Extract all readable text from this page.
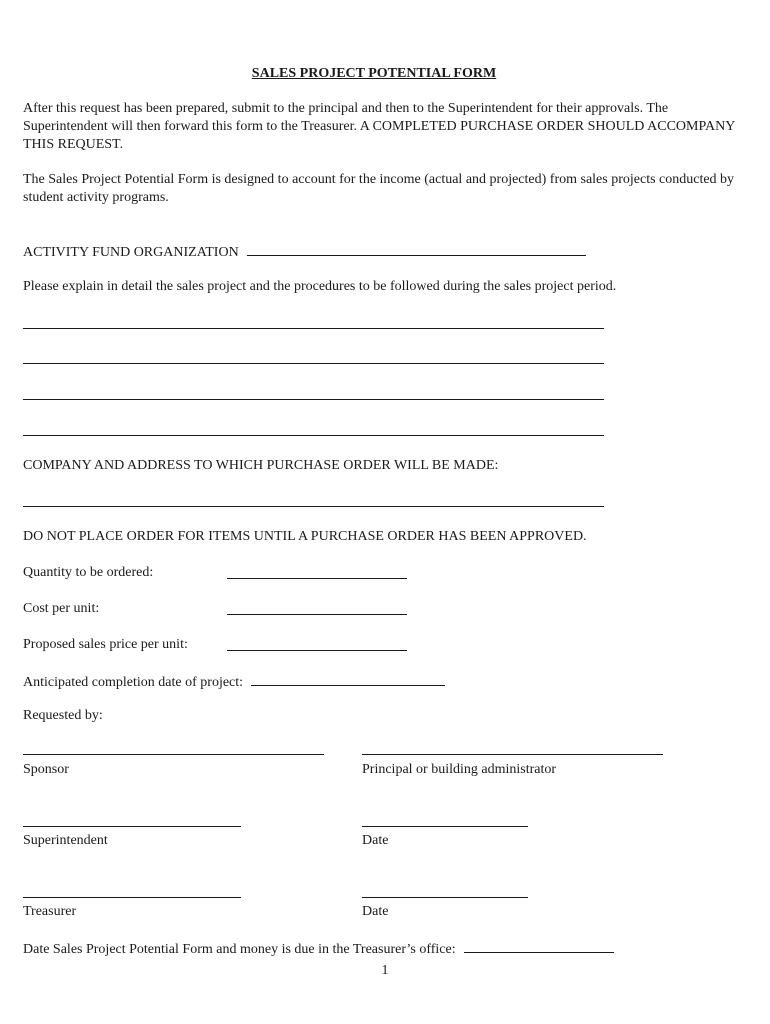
SALES PROJECT POTENTIAL FORM
After this request has been prepared, submit to the principal and then to the Superintendent for their approvals. The Superintendent will then forward this form to the Treasurer. A COMPLETED PURCHASE ORDER SHOULD ACCOMPANY THIS REQUEST.
The Sales Project Potential Form is designed to account for the income (actual and projected) from sales projects conducted by student activity programs.
ACTIVITY FUND ORGANIZATION
Please explain in detail the sales project and the procedures to be followed during the sales project period.
COMPANY AND ADDRESS TO WHICH PURCHASE ORDER WILL BE MADE:
DO NOT PLACE ORDER FOR ITEMS UNTIL A PURCHASE ORDER HAS BEEN APPROVED.
Quantity to be ordered:
Cost per unit:
Proposed sales price per unit:
Anticipated completion date of project:
Requested by:
Sponsor	Principal or building administrator
Superintendent	Date
Treasurer	Date
Date Sales Project Potential Form and money is due in the Treasurer’s office:
1
